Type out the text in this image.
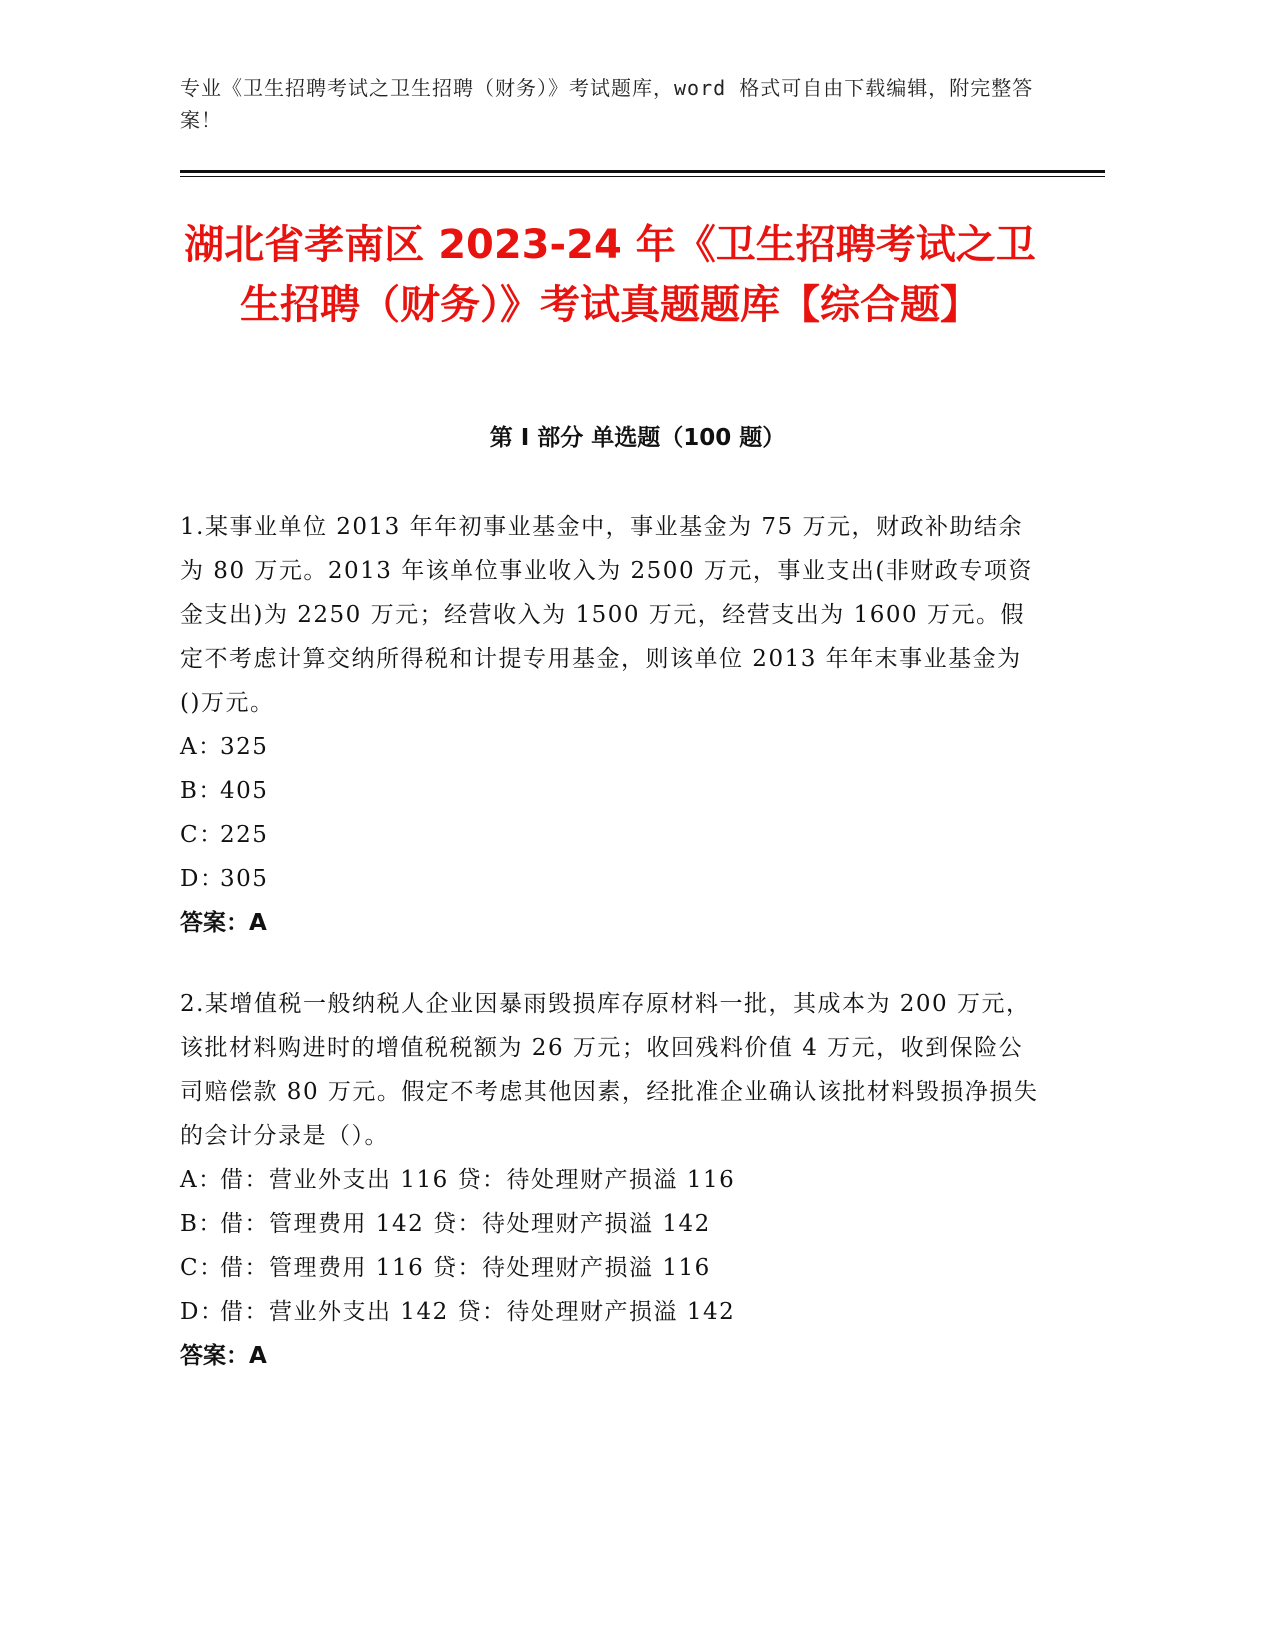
专业《卫生招聘考试之卫生招聘（财务）》考试题库，word 格式可自由下载编辑，附完整答案！
湖北省孝南区 2023-24 年《卫生招聘考试之卫生招聘（财务）》考试真题题库【综合题】
第 I 部分 单选题（100 题）
1.某事业单位 2013 年年初事业基金中，事业基金为 75 万元，财政补助结余为 80 万元。2013 年该单位事业收入为 2500 万元，事业支出(非财政专项资金支出)为 2250 万元；经营收入为 1500 万元，经营支出为 1600 万元。假定不考虑计算交纳所得税和计提专用基金，则该单位 2013 年年末事业基金为()万元。
A：325
B：405
C：225
D：305
答案：A
2.某增值税一般纳税人企业因暴雨毁损库存原材料一批，其成本为 200 万元，该批材料购进时的增值税税额为 26 万元；收回残料价值 4 万元，收到保险公司赔偿款 80 万元。假定不考虑其他因素，经批准企业确认该批材料毁损净损失的会计分录是（）。
A：借：营业外支出 116 贷：待处理财产损溢 116
B：借：管理费用 142 贷：待处理财产损溢 142
C：借：管理费用 116 贷：待处理财产损溢 116
D：借：营业外支出 142 贷：待处理财产损溢 142
答案：A
